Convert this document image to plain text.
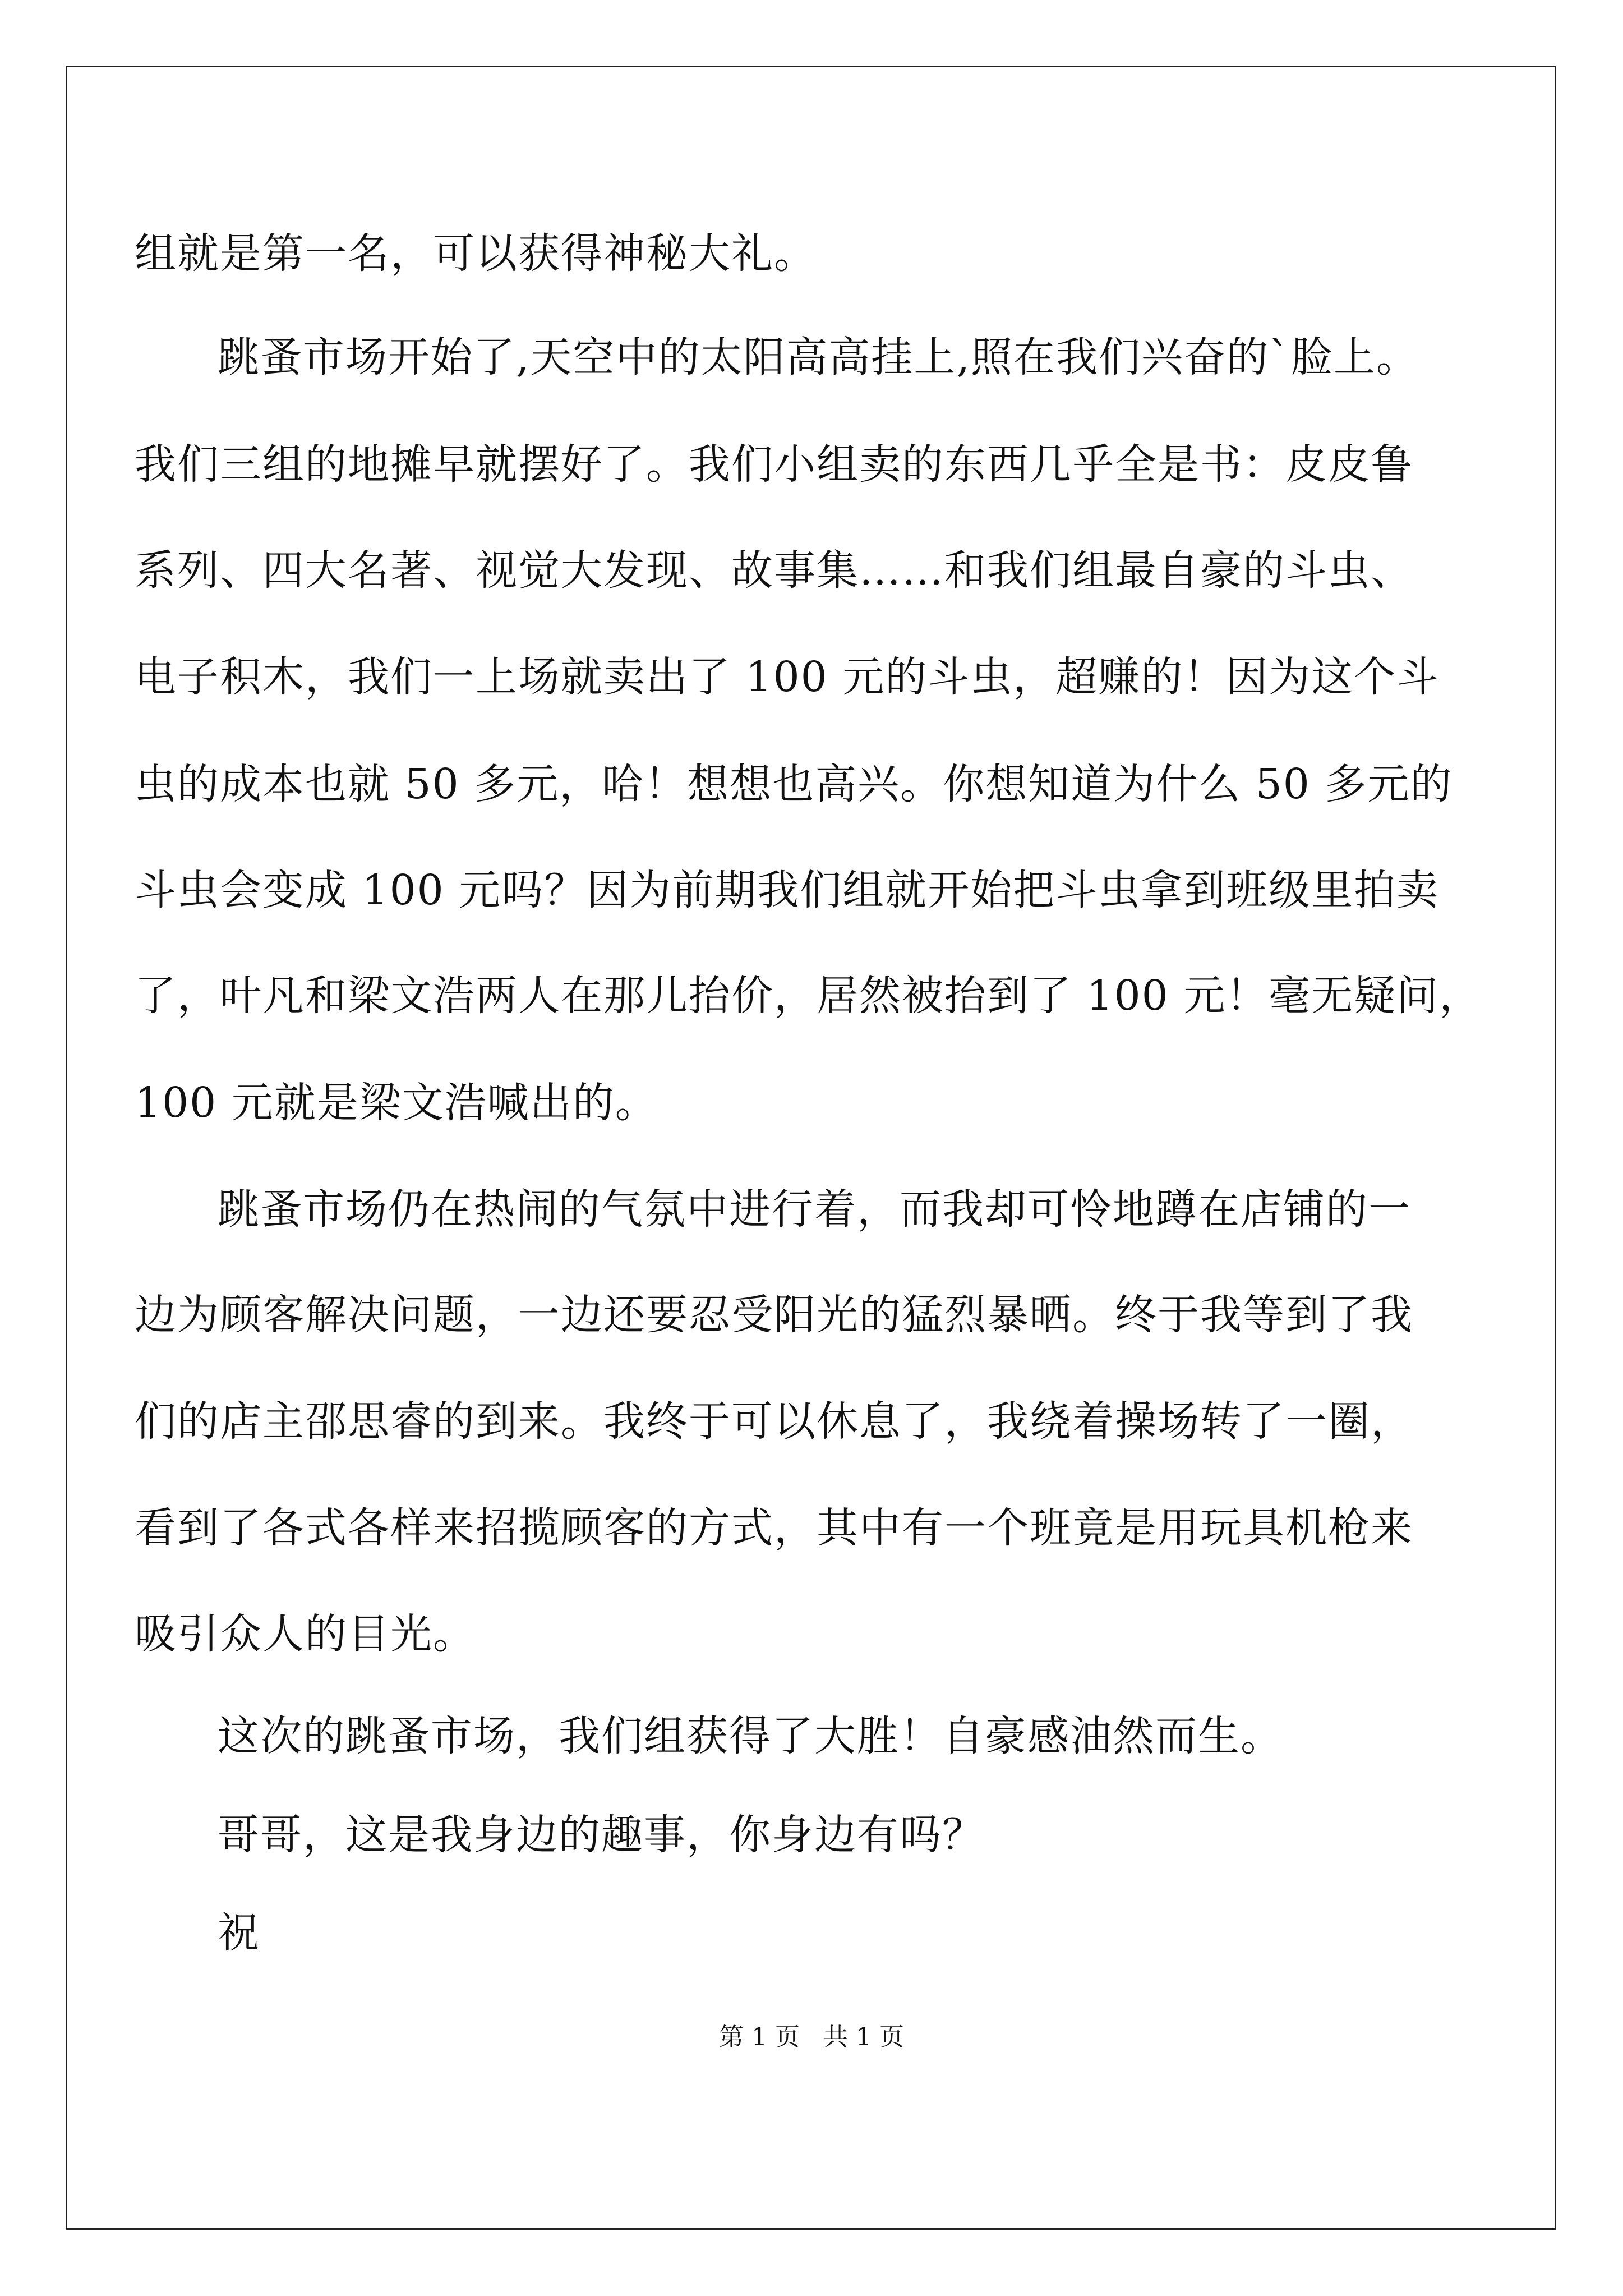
组就是第一名，可以获得神秘大礼。
跳蚤市场开始了,天空中的太阳高高挂上,照在我们兴奋的`脸上。
我们三组的地摊早就摆好了。我们小组卖的东西几乎全是书：皮皮鲁
系列、四大名著、视觉大发现、故事集……和我们组最自豪的斗虫、
电子积木，我们一上场就卖出了 100 元的斗虫，超赚的！因为这个斗
虫的成本也就 50 多元，哈！想想也高兴。你想知道为什么 50 多元的
斗虫会变成 100 元吗？因为前期我们组就开始把斗虫拿到班级里拍卖
了，叶凡和梁文浩两人在那儿抬价，居然被抬到了 100 元！毫无疑问，
100 元就是梁文浩喊出的。
跳蚤市场仍在热闹的气氛中进行着，而我却可怜地蹲在店铺的一
边为顾客解决问题，一边还要忍受阳光的猛烈暴晒。终于我等到了我
们的店主邵思睿的到来。我终于可以休息了，我绕着操场转了一圈，
看到了各式各样来招揽顾客的方式，其中有一个班竟是用玩具机枪来
吸引众人的目光。
这次的跳蚤市场，我们组获得了大胜！自豪感油然而生。
哥哥，这是我身边的趣事，你身边有吗？
祝
第 1 页   共 1 页
